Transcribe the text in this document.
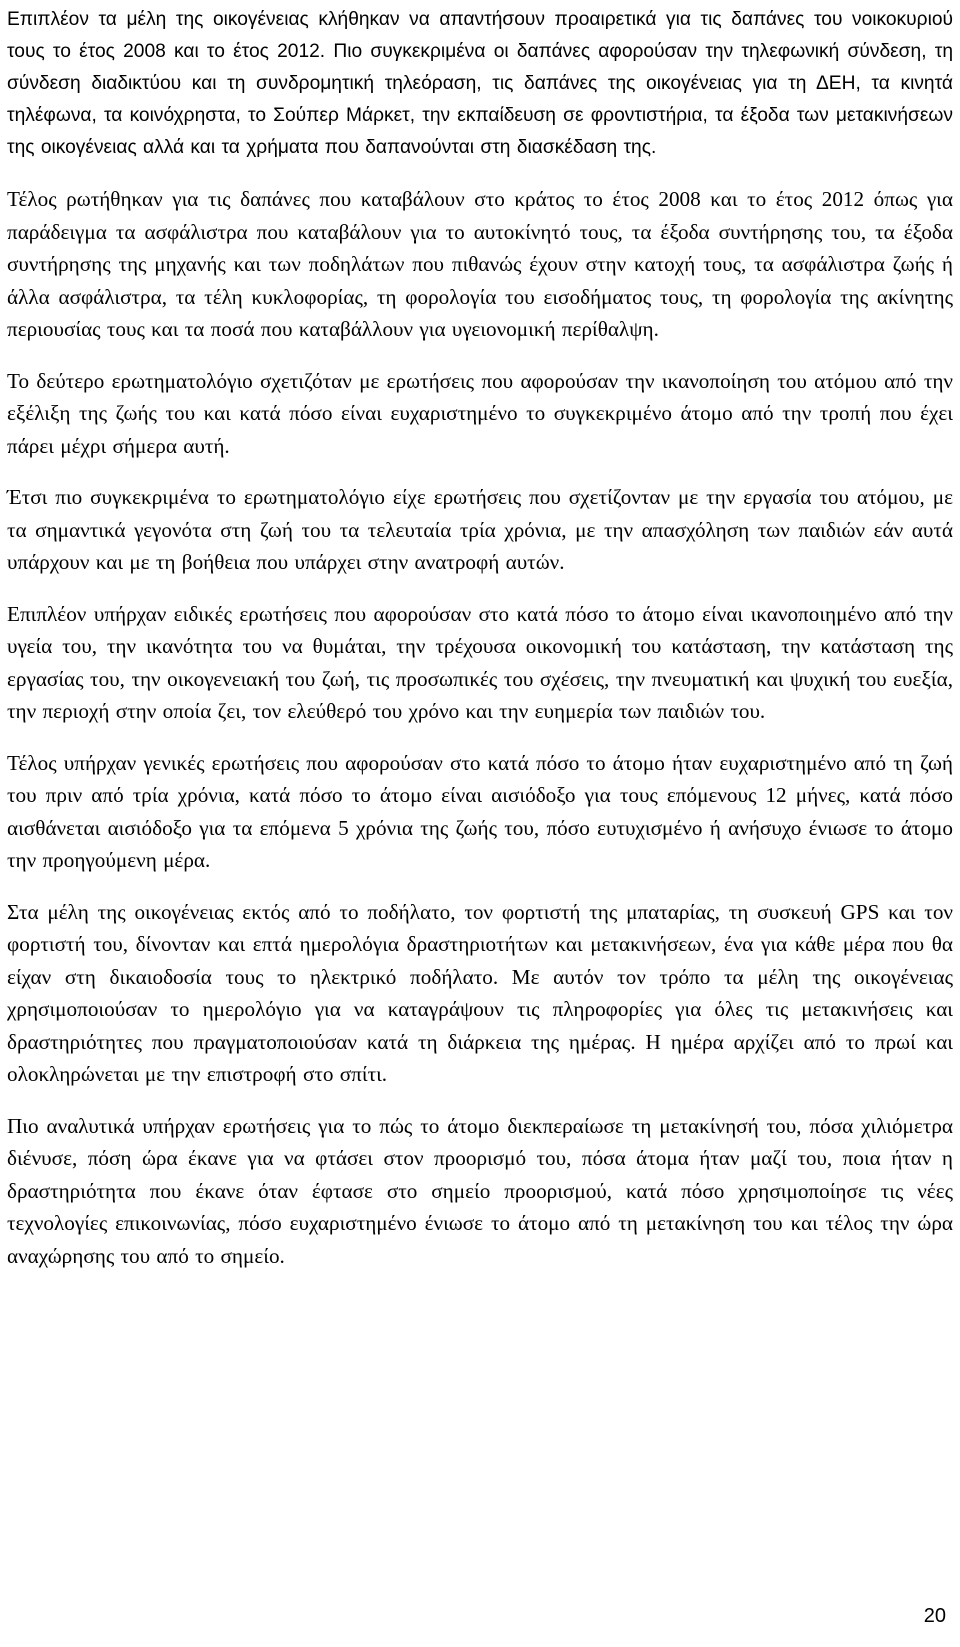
Επιπλέον τα μέλη της οικογένειας κλήθηκαν να απαντήσουν προαιρετικά για τις δαπάνες του νοικοκυριού τους το έτος 2008 και το έτος 2012. Πιο συγκεκριμένα οι δαπάνες αφορούσαν την τηλεφωνική σύνδεση, τη σύνδεση διαδικτύου και τη συνδρομητική τηλεόραση, τις δαπάνες της οικογένειας για τη ΔΕΗ, τα κινητά τηλέφωνα, τα κοινόχρηστα, το Σούπερ Μάρκετ, την εκπαίδευση σε φροντιστήρια, τα έξοδα των μετακινήσεων της οικογένειας αλλά και τα χρήματα που δαπανούνται στη διασκέδαση της.

Τέλος ρωτήθηκαν για τις δαπάνες που καταβάλουν στο κράτος το έτος 2008 και το έτος 2012 όπως για παράδειγμα τα ασφάλιστρα που καταβάλουν για το αυτοκίνητό τους, τα έξοδα συντήρησης του, τα έξοδα συντήρησης της μηχανής και των ποδηλάτων που πιθανώς έχουν στην κατοχή τους, τα ασφάλιστρα ζωής ή άλλα ασφάλιστρα, τα τέλη κυκλοφορίας, τη φορολογία του εισοδήματος τους, τη φορολογία της ακίνητης περιουσίας τους και τα ποσά που καταβάλλουν για υγειονομική περίθαλψη.

Το δεύτερο ερωτηματολόγιο σχετιζόταν με ερωτήσεις που αφορούσαν την ικανοποίηση του ατόμου από την εξέλιξη της ζωής του και κατά πόσο είναι ευχαριστημένο το συγκεκριμένο άτομο από την τροπή που έχει πάρει μέχρι σήμερα αυτή.

Έτσι πιο συγκεκριμένα το ερωτηματολόγιο είχε ερωτήσεις που σχετίζονταν με την εργασία του ατόμου, με τα σημαντικά γεγονότα στη ζωή του τα τελευταία τρία χρόνια, με την απασχόληση των παιδιών εάν αυτά υπάρχουν και με τη βοήθεια που υπάρχει στην ανατροφή αυτών.

Επιπλέον υπήρχαν ειδικές ερωτήσεις που αφορούσαν στο κατά πόσο το άτομο είναι ικανοποιημένο από την υγεία του, την ικανότητα του να θυμάται, την τρέχουσα οικονομική του κατάσταση, την κατάσταση της εργασίας του, την οικογενειακή του ζωή, τις προσωπικές του σχέσεις, την πνευματική και ψυχική του ευεξία, την περιοχή στην οποία ζει, τον ελεύθερό του χρόνο και την ευημερία των παιδιών του.

Τέλος υπήρχαν γενικές ερωτήσεις που αφορούσαν στο κατά πόσο το άτομο ήταν ευχαριστημένο από τη ζωή του πριν από τρία χρόνια, κατά πόσο το άτομο είναι αισιόδοξο για τους επόμενους 12 μήνες, κατά πόσο αισθάνεται αισιόδοξο για τα επόμενα 5 χρόνια της ζωής του, πόσο ευτυχισμένο ή ανήσυχο ένιωσε το άτομο την προηγούμενη μέρα.

Στα μέλη της οικογένειας εκτός από το ποδήλατο, τον φορτιστή της μπαταρίας, τη συσκευή GPS και τον φορτιστή του, δίνονταν και επτά ημερολόγια δραστηριοτήτων και μετακινήσεων, ένα για κάθε μέρα που θα είχαν στη δικαιοδοσία τους το ηλεκτρικό ποδήλατο. Με αυτόν τον τρόπο τα μέλη της οικογένειας χρησιμοποιούσαν το ημερολόγιο για να καταγράψουν τις πληροφορίες για όλες τις μετακινήσεις και δραστηριότητες που πραγματοποιούσαν κατά τη διάρκεια της ημέρας. Η ημέρα αρχίζει από το πρωί και ολοκληρώνεται με την επιστροφή στο σπίτι.

Πιο αναλυτικά υπήρχαν ερωτήσεις για το πώς το άτομο διεκπεραίωσε τη μετακίνησή του, πόσα χιλιόμετρα διένυσε, πόση ώρα έκανε για να φτάσει στον προορισμό του, πόσα άτομα ήταν μαζί του, ποια ήταν η δραστηριότητα που έκανε όταν έφτασε στο σημείο προορισμού, κατά πόσο χρησιμοποίησε τις νέες τεχνολογίες επικοινωνίας, πόσο ευχαριστημένο ένιωσε το άτομο από τη μετακίνηση του και τέλος την ώρα αναχώρησης του από το σημείο.

20
